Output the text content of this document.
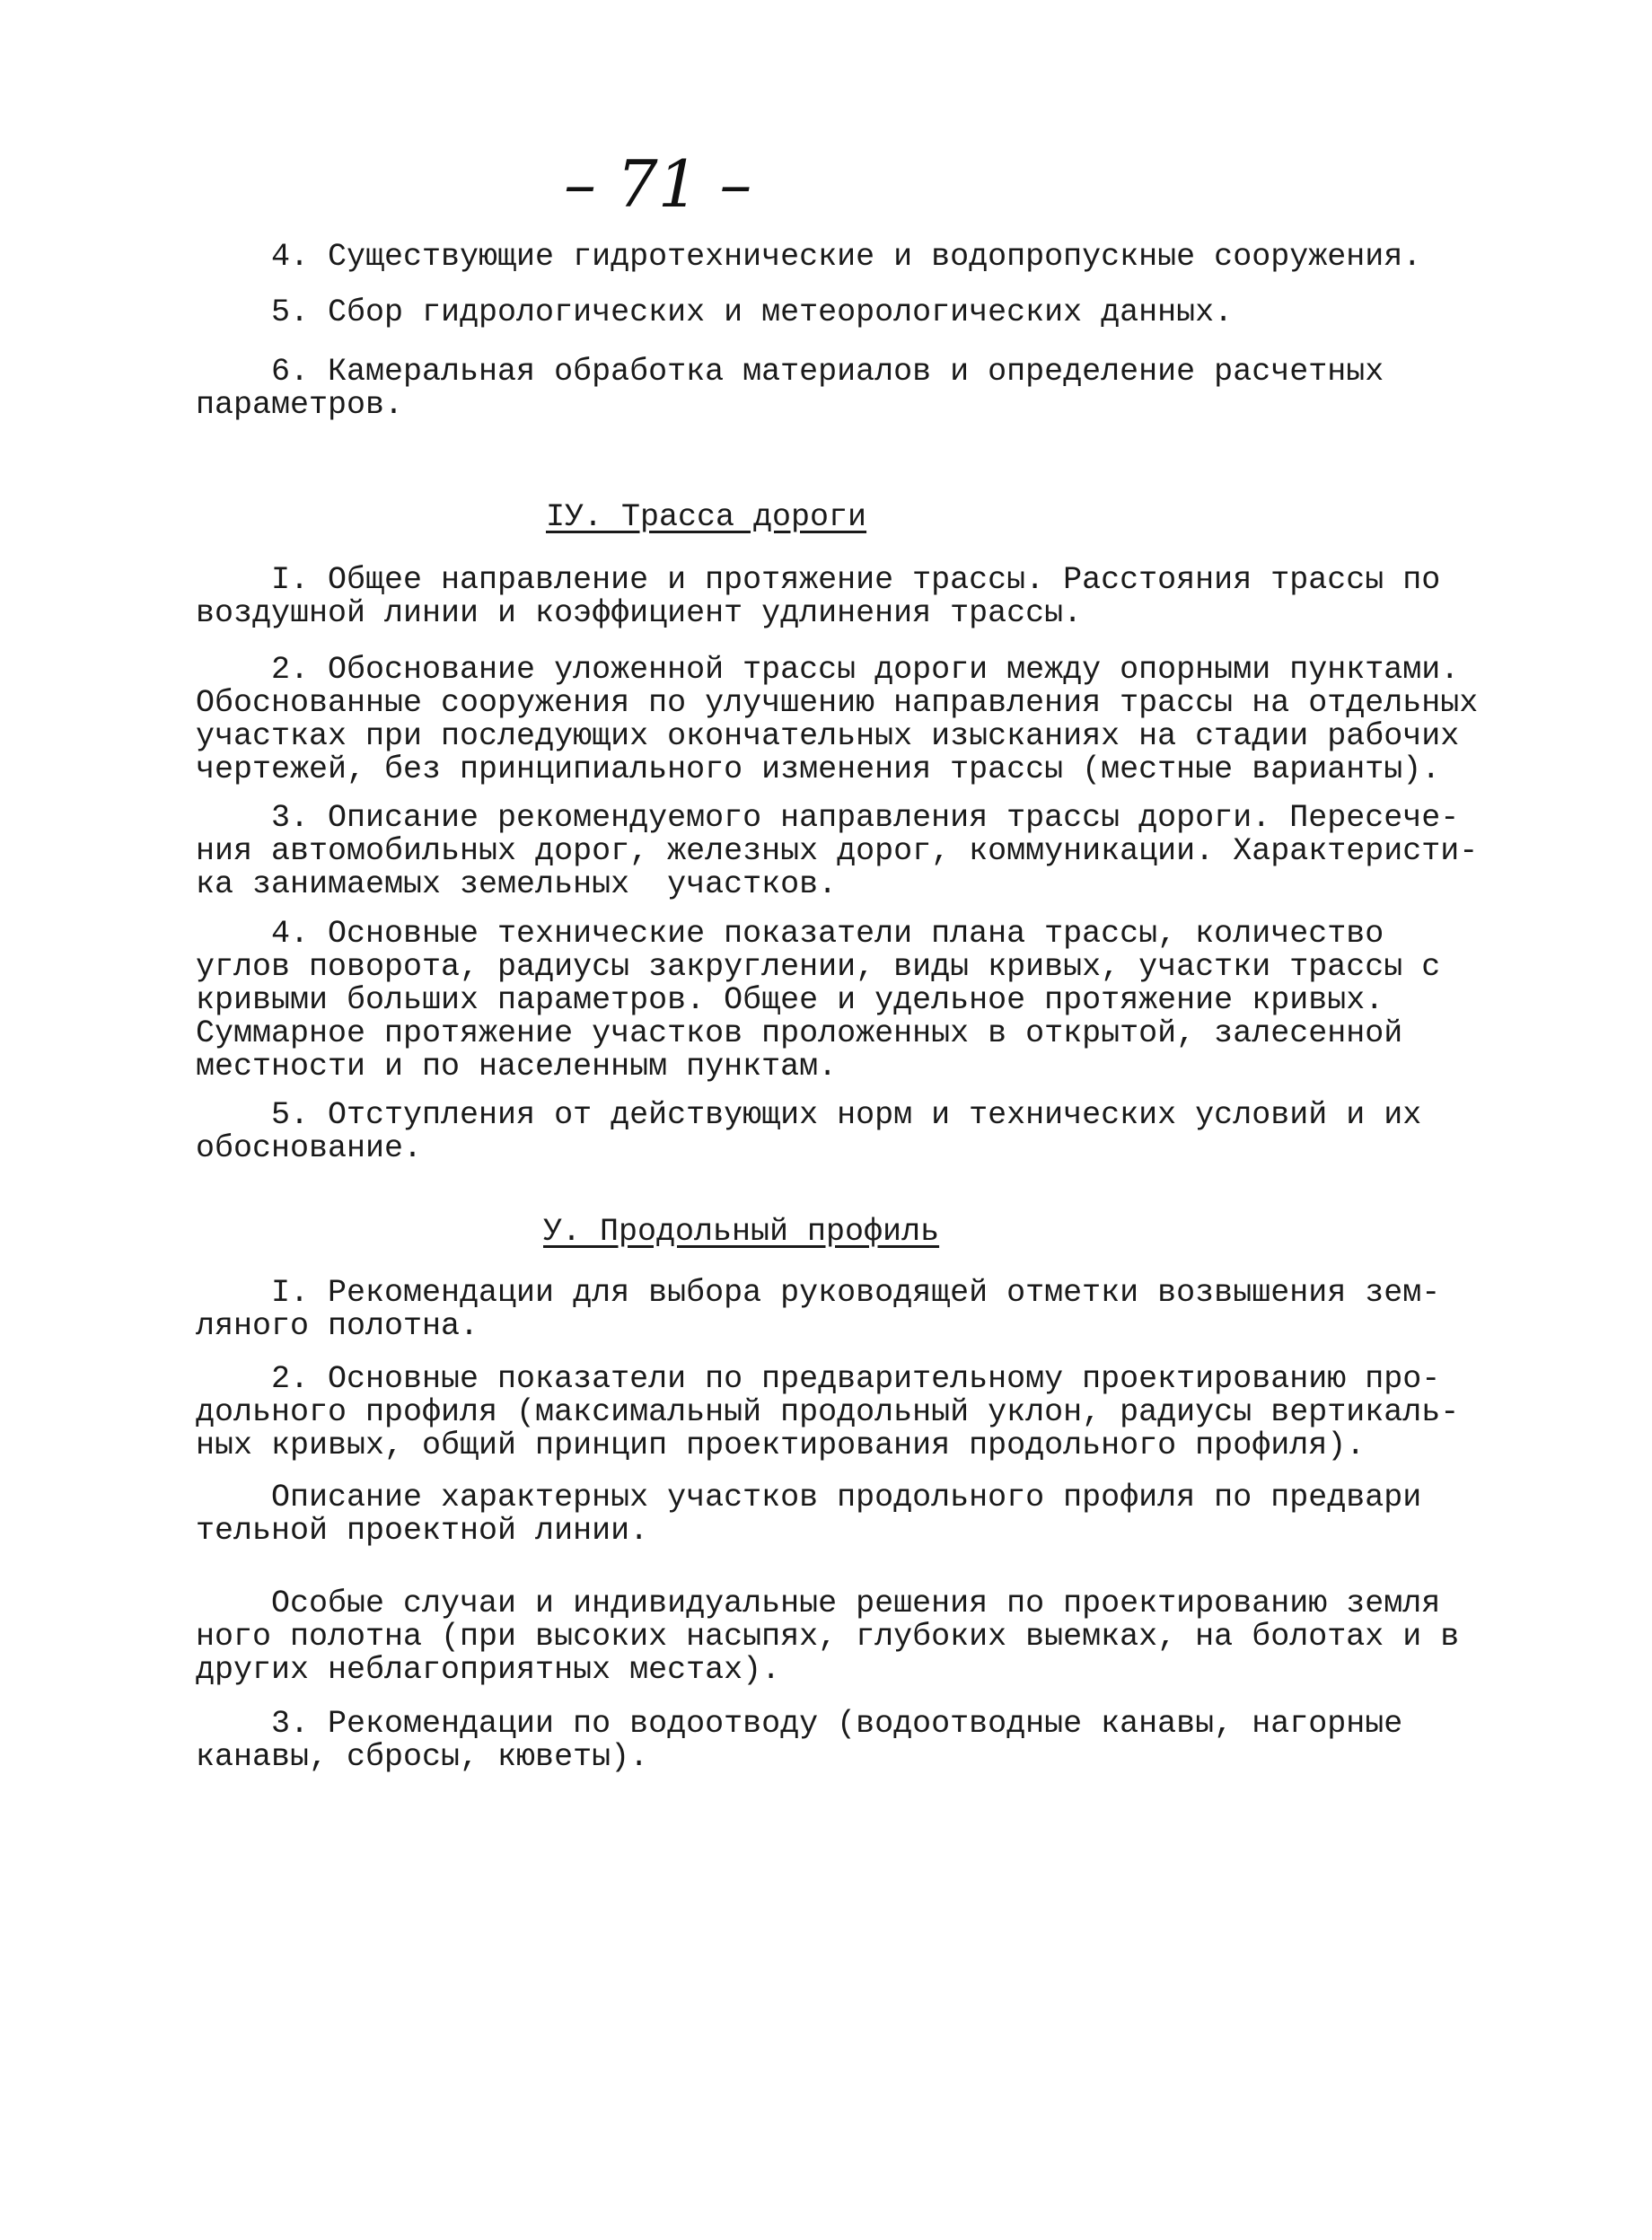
– 71 –

4. Существующие гидротехнические и водопропускные сооружения.

5. Сбор гидрологических и метеорологических данных.

6. Камеральная обработка материалов и определение расчетных
параметров.

IУ. Трасса дороги

I. Общее направление и протяжение трассы. Расстояния трассы по
воздушной линии и коэффициент удлинения трассы.

2. Обоснование уложенной трассы дороги между опорными пунктами.
Обоснованные сооружения по улучшению направления трассы на отдельных
участках при последующих окончательных изысканиях на стадии рабочих
чертежей, без принципиального изменения трассы (местные варианты).

3. Описание рекомендуемого направления трассы дороги. Пересече-
ния автомобильных дорог, железных дорог, коммуникации. Характеристи-
ка занимаемых земельных  участков.

4. Основные технические показатели плана трассы, количество
углов поворота, радиусы закруглении, виды кривых, участки трассы с
кривыми больших параметров. Общее и удельное протяжение кривых.
Суммарное протяжение участков проложенных в открытой, залесенной
местности и по населенным пунктам.

5. Отступления от действующих норм и технических условий и их
обоснование.

У. Продольный профиль

I. Рекомендации для выбора руководящей отметки возвышения зем-
ляного полотна.

2. Основные показатели по предварительному проектированию про-
дольного профиля (максимальный продольный уклон, радиусы вертикаль-
ных кривых, общий принцип проектирования продольного профиля).

Описание характерных участков продольного профиля по предвари
тельной проектной линии.

Особые случаи и индивидуальные решения по проектированию земля
ного полотна (при высоких насыпях, глубоких выемках, на болотах и в
других неблагоприятных местах).

3. Рекомендации по водоотводу (водоотводные канавы, нагорные
канавы, сбросы, кюветы).
